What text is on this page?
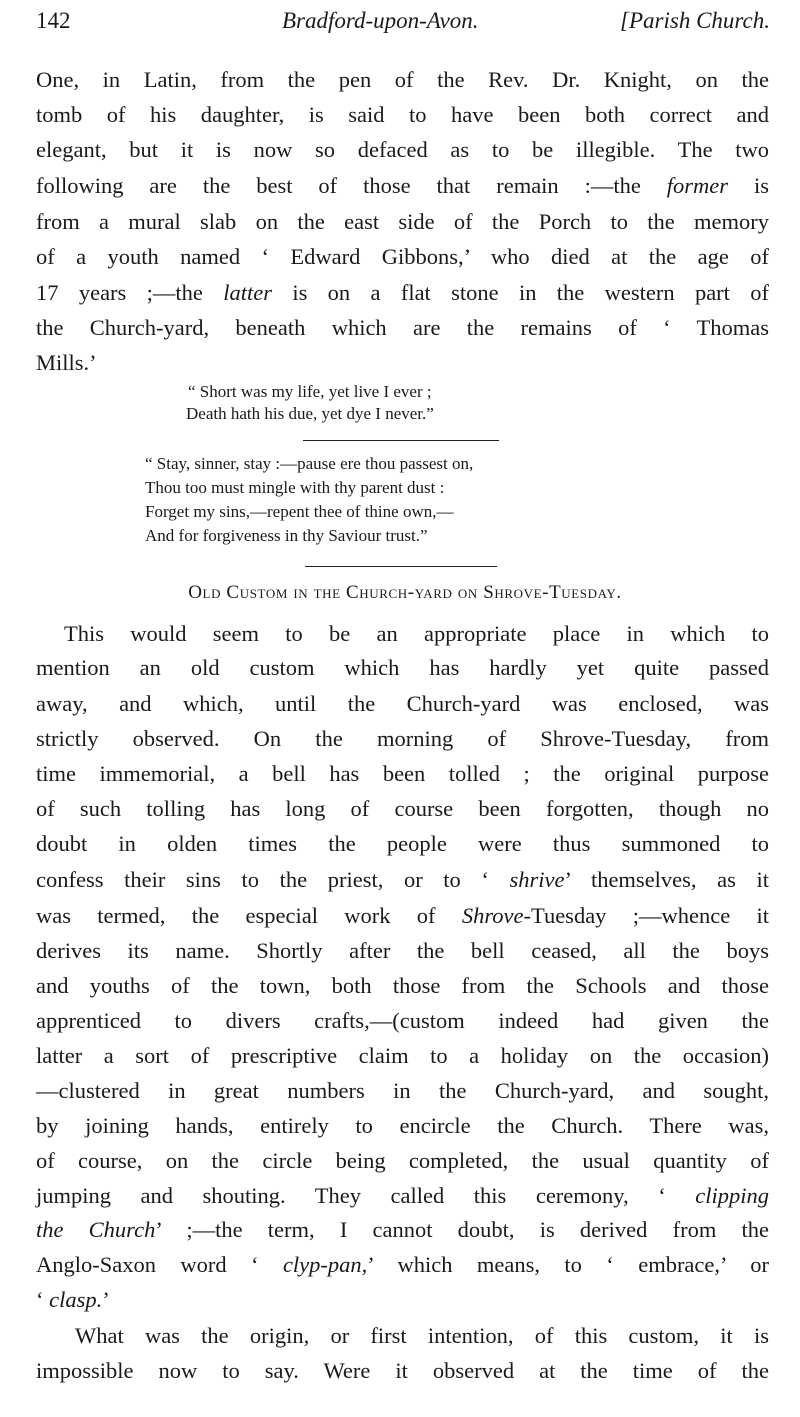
142	Bradford-upon-Avon.	[Parish Church.
One, in Latin, from the pen of the Rev. Dr. Knight, on the
tomb of his daughter, is said to have been both correct and
elegant, but it is now so defaced as to be illegible. The two
following are the best of those that remain :—the former is
from a mural slab on the east side of the Porch to the memory
of a youth named ‘ Edward Gibbons,’ who died at the age of
17 years ;—the latter is on a flat stone in the western part of
the Church-yard, beneath which are the remains of ‘ Thomas
Mills.’
“ Short was my life, yet live I ever ;
Death hath his due, yet dye I never.”
“ Stay, sinner, stay :—pause ere thou passest on,
Thou too must mingle with thy parent dust :
Forget my sins,—repent thee of thine own,—
And for forgiveness in thy Saviour trust.”
Old Custom in the Church-yard on Shrove-Tuesday.
This would seem to be an appropriate place in which to
mention an old custom which has hardly yet quite passed
away, and which, until the Church-yard was enclosed, was
strictly observed. On the morning of Shrove-Tuesday, from
time immemorial, a bell has been tolled ; the original purpose
of such tolling has long of course been forgotten, though no
doubt in olden times the people were thus summoned to
confess their sins to the priest, or to ‘ shrive’ themselves, as it
was termed, the especial work of Shrove-Tuesday ;—whence it
derives its name. Shortly after the bell ceased, all the boys
and youths of the town, both those from the Schools and those
apprenticed to divers crafts,—(custom indeed had given the
latter a sort of prescriptive claim to a holiday on the occasion)
—clustered in great numbers in the Church-yard, and sought,
by joining hands, entirely to encircle the Church. There was,
of course, on the circle being completed, the usual quantity of
jumping and shouting. They called this ceremony, ‘ clipping
the Church’ ;—the term, I cannot doubt, is derived from the
Anglo-Saxon word ‘ clyp-pan,’ which means, to ‘ embrace,’ or
‘ clasp.’
What was the origin, or first intention, of this custom, it is
impossible now to say. Were it observed at the time of the
